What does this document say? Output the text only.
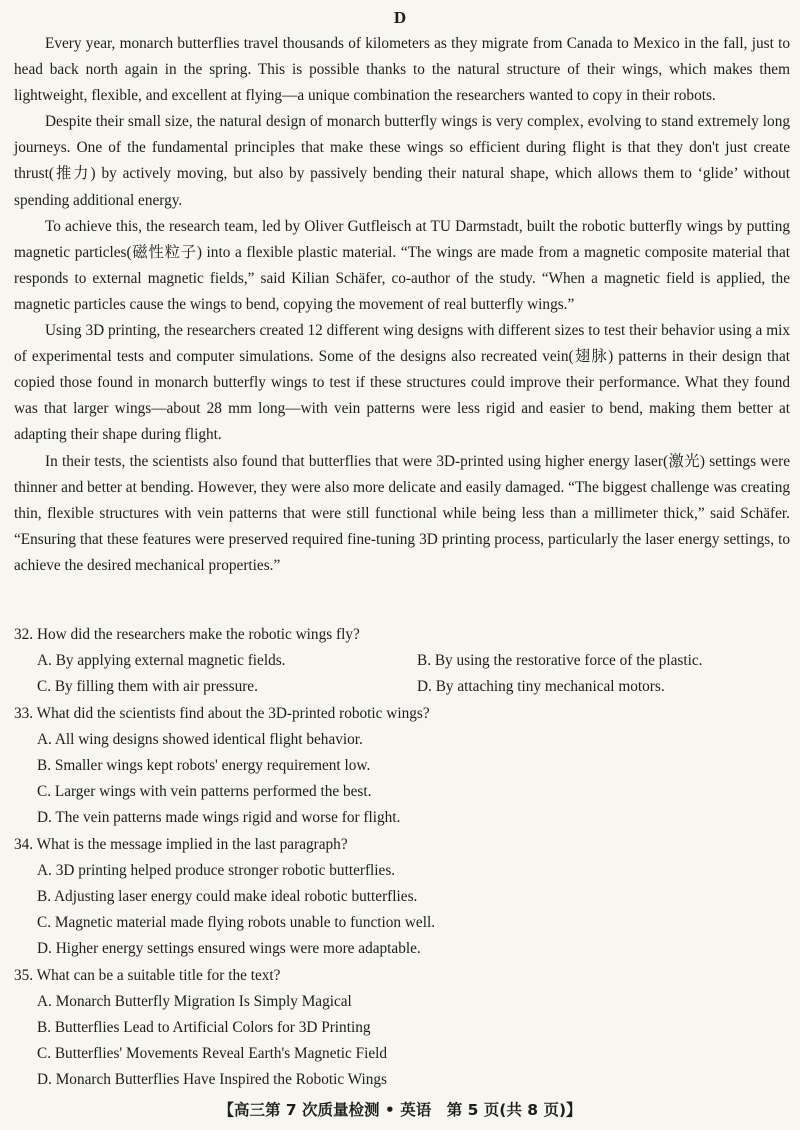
D

Every year, monarch butterflies travel thousands of kilometers as they migrate from Canada to Mexico in the fall, just to head back north again in the spring. This is possible thanks to the natural structure of their wings, which makes them lightweight, flexible, and excellent at flying—a unique combination the researchers wanted to copy in their robots.

Despite their small size, the natural design of monarch butterfly wings is very complex, evolving to stand extremely long journeys. One of the fundamental principles that make these wings so efficient during flight is that they don't just create thrust(推力) by actively moving, but also by passively bending their natural shape, which allows them to ‘glide’ without spending additional energy.

To achieve this, the research team, led by Oliver Gutfleisch at TU Darmstadt, built the robotic butterfly wings by putting magnetic particles(磁性粒子) into a flexible plastic material. “The wings are made from a magnetic composite material that responds to external magnetic fields,” said Kilian Schäfer, co-author of the study. “When a magnetic field is applied, the magnetic particles cause the wings to bend, copying the movement of real butterfly wings.”

Using 3D printing, the researchers created 12 different wing designs with different sizes to test their behavior using a mix of experimental tests and computer simulations. Some of the designs also recreated vein(翅脉) patterns in their design that copied those found in monarch butterfly wings to test if these structures could improve their performance. What they found was that larger wings—about 28 mm long—with vein patterns were less rigid and easier to bend, making them better at adapting their shape during flight.

In their tests, the scientists also found that butterflies that were 3D-printed using higher energy laser(激光) settings were thinner and better at bending. However, they were also more delicate and easily damaged. “The biggest challenge was creating thin, flexible structures with vein patterns that were still functional while being less than a millimeter thick,” said Schäfer. “Ensuring that these features were preserved required fine-tuning 3D printing process, particularly the laser energy settings, to achieve the desired mechanical properties.”

32. How did the researchers make the robotic wings fly?

A. By applying external magnetic fields.	B. By using the restorative force of the plastic.

C. By filling them with air pressure.	D. By attaching tiny mechanical motors.

33. What did the scientists find about the 3D-printed robotic wings?

A. All wing designs showed identical flight behavior.

B. Smaller wings kept robots' energy requirement low.

C. Larger wings with vein patterns performed the best.

D. The vein patterns made wings rigid and worse for flight.

34. What is the message implied in the last paragraph?

A. 3D printing helped produce stronger robotic butterflies.

B. Adjusting laser energy could make ideal robotic butterflies.

C. Magnetic material made flying robots unable to function well.

D. Higher energy settings ensured wings were more adaptable.

35. What can be a suitable title for the text?

A. Monarch Butterfly Migration Is Simply Magical

B. Butterflies Lead to Artificial Colors for 3D Printing

C. Butterflies' Movements Reveal Earth's Magnetic Field

D. Monarch Butterflies Have Inspired the Robotic Wings

【高三第 7 次质量检测 • 英语　第 5 页(共 8 页)】
